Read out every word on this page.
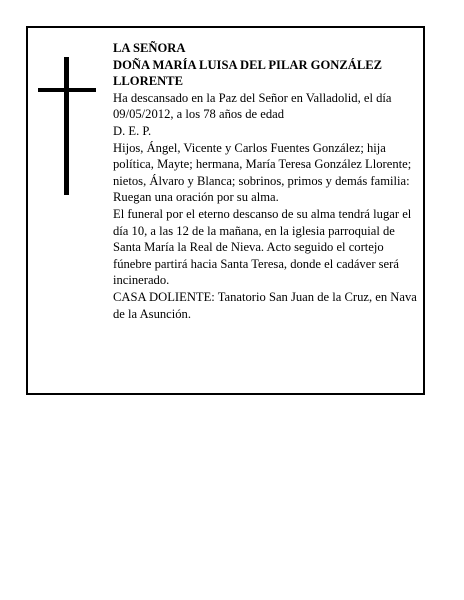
LA SEÑORA

DOÑA MARÍA LUISA DEL PILAR GONZÁLEZ LLORENTE

Ha descansado en la Paz del Señor en Valladolid, el día 09/05/2012, a los 78 años de edad

D. E. P.

Hijos, Ángel, Vicente y Carlos Fuentes González; hija política, Mayte; hermana, María Teresa González Llorente; nietos, Álvaro y Blanca; sobrinos, primos y demás familia:

Ruegan una oración por su alma.

El funeral por el eterno descanso de su alma tendrá lugar el día 10, a las 12 de la mañana, en la iglesia parroquial de Santa María la Real de Nieva. Acto seguido el cortejo fúnebre partirá hacia Santa Teresa, donde el cadáver será incinerado.

CASA DOLIENTE: Tanatorio San Juan de la Cruz, en Nava de la Asunción.
